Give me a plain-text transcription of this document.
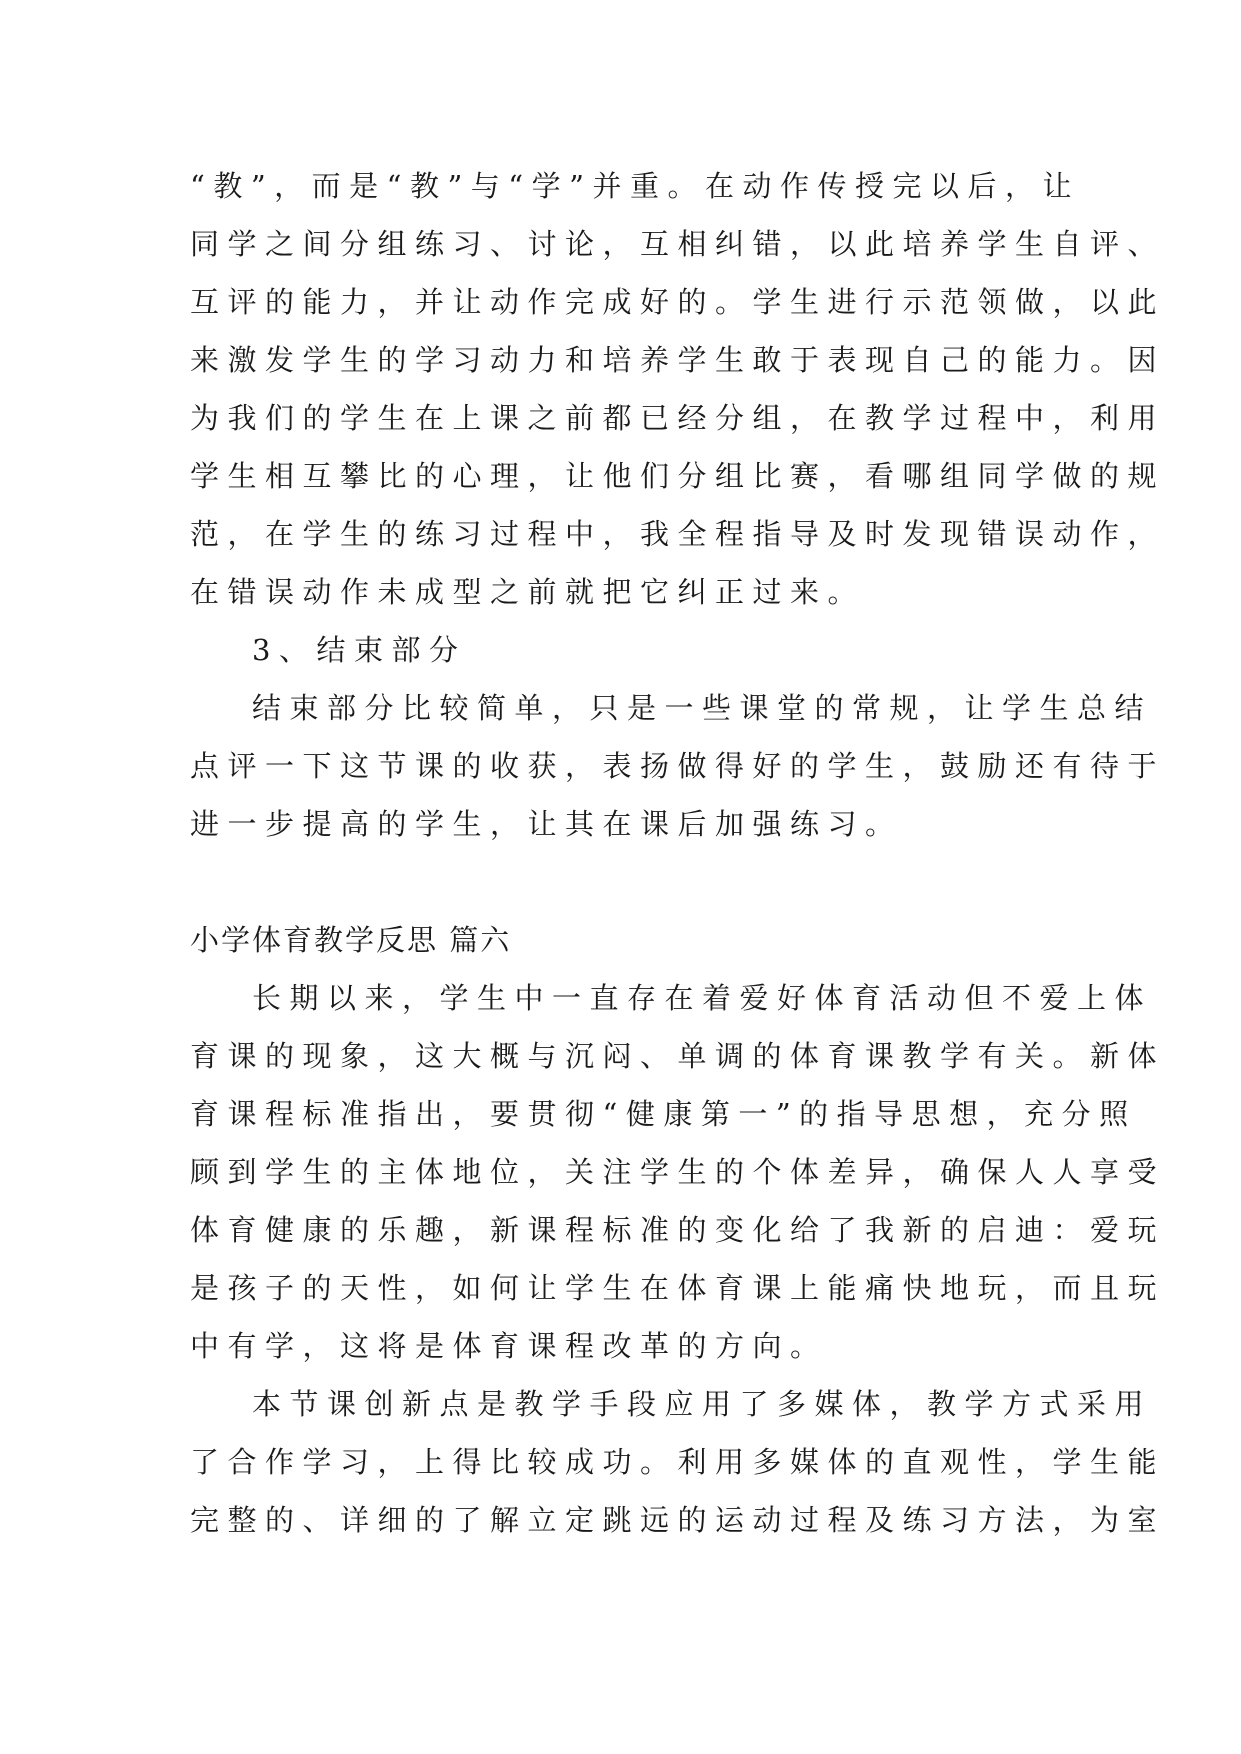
“教”，而是“教”与“学”并重。在动作传授完以后，让
同学之间分组练习、讨论，互相纠错，以此培养学生自评、
互评的能力，并让动作完成好的。学生进行示范领做，以此
来激发学生的学习动力和培养学生敢于表现自己的能力。因
为我们的学生在上课之前都已经分组，在教学过程中，利用
学生相互攀比的心理，让他们分组比赛，看哪组同学做的规
范，在学生的练习过程中，我全程指导及时发现错误动作，
在错误动作未成型之前就把它纠正过来。
3、结束部分
结束部分比较简单，只是一些课堂的常规，让学生总结
点评一下这节课的收获，表扬做得好的学生，鼓励还有待于
进一步提高的学生，让其在课后加强练习。
小学体育教学反思 篇六
长期以来，学生中一直存在着爱好体育活动但不爱上体
育课的现象，这大概与沉闷、单调的体育课教学有关。新体
育课程标准指出，要贯彻“健康第一”的指导思想，充分照
顾到学生的主体地位，关注学生的个体差异，确保人人享受
体育健康的乐趣，新课程标准的变化给了我新的启迪：爱玩
是孩子的天性，如何让学生在体育课上能痛快地玩，而且玩
中有学，这将是体育课程改革的方向。
本节课创新点是教学手段应用了多媒体，教学方式采用
了合作学习，上得比较成功。利用多媒体的直观性，学生能
完整的、详细的了解立定跳远的运动过程及练习方法，为室
